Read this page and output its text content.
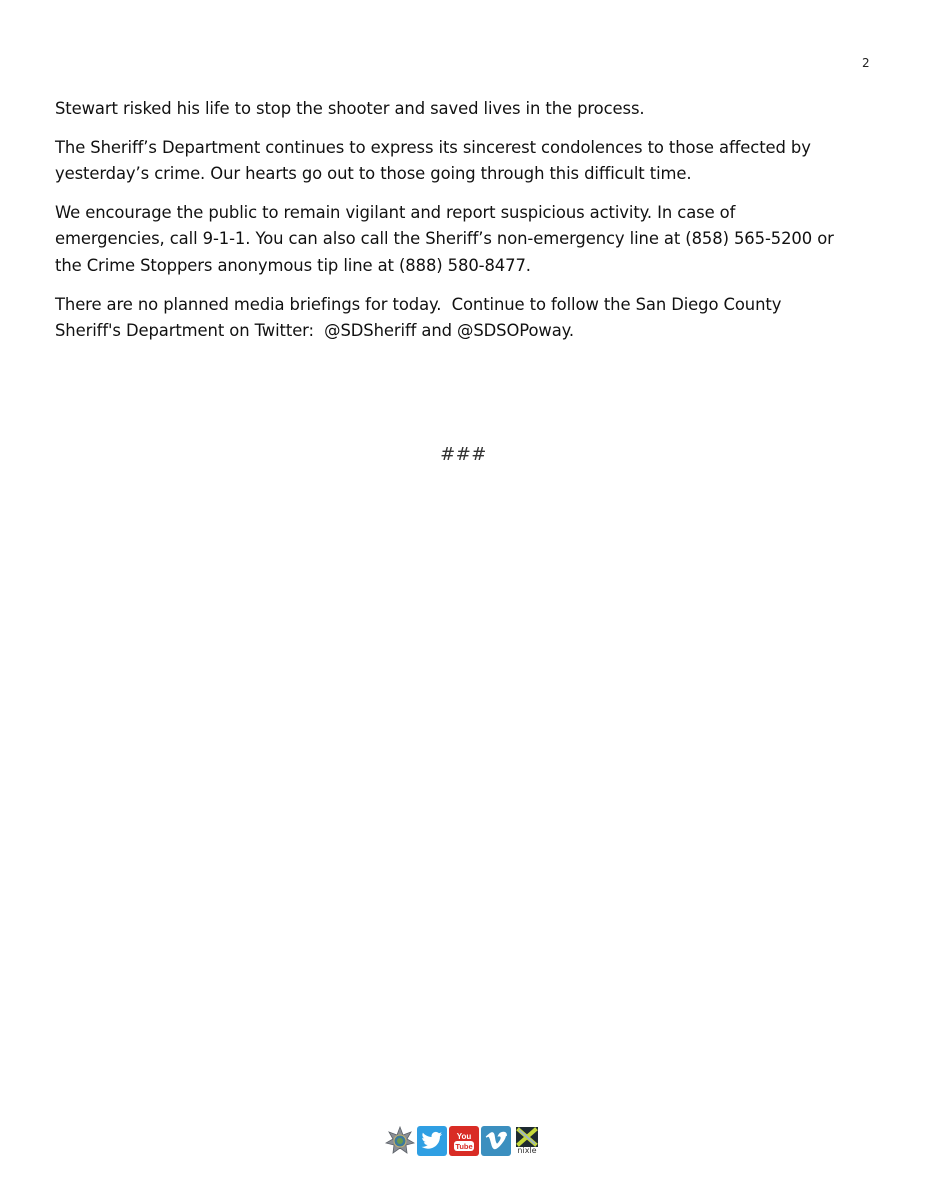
2

Stewart risked his life to stop the shooter and saved lives in the process.

The Sheriff’s Department continues to express its sincerest condolences to those affected by
yesterday’s crime. Our hearts go out to those going through this difficult time.

We encourage the public to remain vigilant and report suspicious activity. In case of
emergencies, call 9-1-1. You can also call the Sheriff’s non-emergency line at (858) 565-5200 or
the Crime Stoppers anonymous tip line at (888) 580-8477.

There are no planned media briefings for today.  Continue to follow the San Diego County
Sheriff's Department on Twitter:  @SDSheriff and @SDSOPoway.

###
You
Tube	nixle
